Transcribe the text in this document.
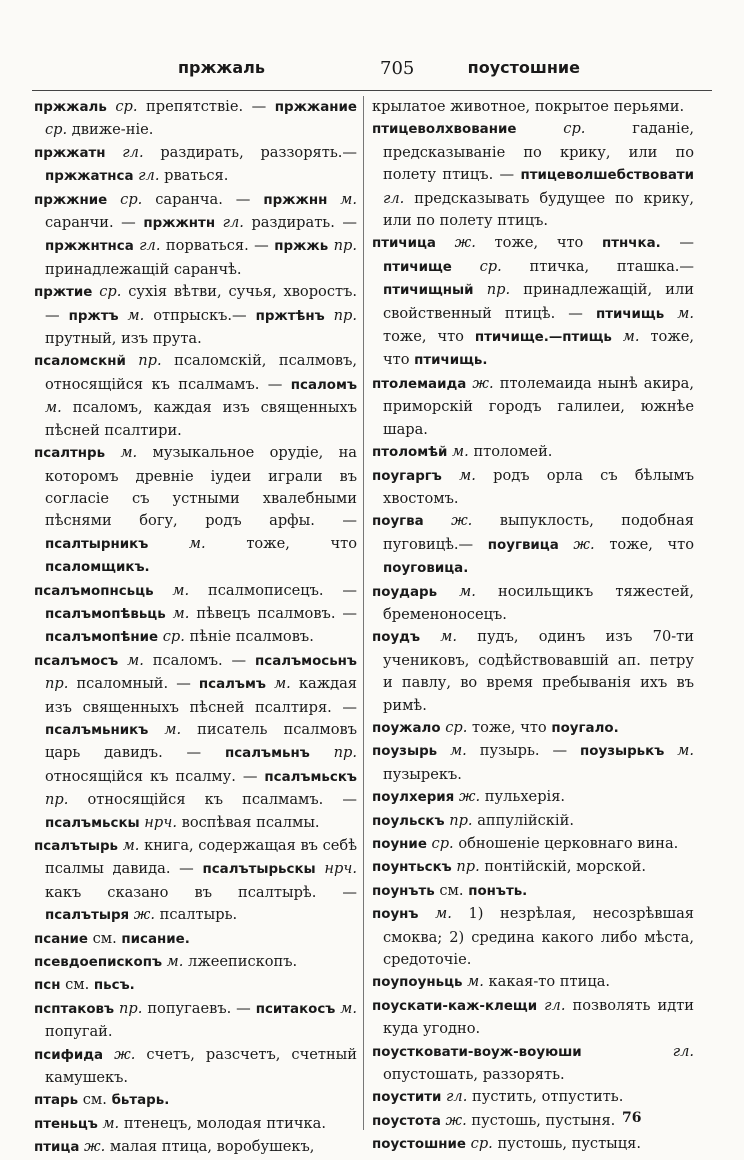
пржжаль	705	поустошние

пржжаль ср. препятствіе. — пржжание ср. движе-ніе.

пржжатн гл. раздирать, раззорять.— пржжатнса гл. рваться.

пржжние ср. саранча. — пржжнн м. саранчи. — пржжнтн гл. раздирать. — пржжнтнса гл. порваться. — пржжь пр. принадлежащій саранчѣ.

пржтие ср. сухія вѣтви, сучья, хворостъ.— пржтъ м. отпрыскъ.— пржтѣнъ пр. прутный, изъ прута.

псаломскнй пр. псаломскій, псалмовъ, относящійся къ псалмамъ. — псаломъ м. псаломъ, каждая изъ священныхъ пѣсней псалтири.

псалтнрь м. музыкальное орудіе, на которомъ древніе іудеи играли въ согласіе съ устными хвалебными пѣснями богу, родъ арфы. — псалтырникъ	м.	тоже, что псаломщикъ.

псалъмопнсьць м. псалмописецъ. — псалъмопѣвьць м. пѣвецъ псалмовъ. — псалъмопѣние ср. пѣніе псалмовъ.

псалъмосъ м. псаломъ. — псалъмосьнъ пр. псаломный. — псалъмъ м. каждая изъ священныхъ пѣсней псалтиря. — псалъмьникъ м. писатель псалмовъ царь давидъ. — псалъмьнъ пр. относящійся къ псалму. — псалъмьскъ пр. относящійся къ псалмамъ. — псалъмьскы нрч. воспѣвая псалмы.

псалътырь м. книга, содержащая въ себѣ псалмы давида. — псалътырьскы нрч. какъ сказано въ псалтырѣ. — псалътыря ж. псалтырь.

псание см. писание.

псевдоепископъ м. лжеепископъ.

псн см. пьсъ.

псптаковъ пр. попугаевъ. — пситакосъ м. попугай.

псифида ж. счетъ, разсчетъ, счетный камушекъ.

птарь см. бьтарь.

птеньцъ м. птенецъ, молодая птичка.

птица ж. малая птица, воробушекъ,

крылатое животное, покрытое перьями.

птицеволхвование	ср.	гаданіе, предсказываніе по крику, или по полету птицъ. — птицеволшебствовати гл. предсказывать будущее по крику, или по полету птицъ.

птичица ж. тоже, что птнчка. — птичище ср. птичка, пташка.— птичищный пр. принадлежащій, или свойственный птицѣ. — птичищь м. тоже, что птичище.—птищь м. тоже, что птичищь.

птолемаида ж. птолемаида нынѣ акира, приморскій городъ галилеи, южнѣе шара.

птоломѣй м. птоломей.

поугаргъ м. родъ орла съ бѣлымъ хвостомъ.

поугва ж. выпуклость, подобная пуговицѣ.— поугвица ж. тоже, что поуговица.

поударь м. носильщикъ тяжестей, бременоносецъ.

поудъ м. пудъ, одинъ изъ 70-ти учениковъ, содѣйствовавшій ап. петру и павлу, во время пребыванія ихъ въ римѣ.

поужало ср. тоже, что поугало.

поузырь м. пузырь. — поузырькъ м. пузырекъ.

поулхерия ж. пульхерія.

поульскъ пр. аппулійскій.

поуние ср. обношеніе церковнаго вина.

поунтьскъ пр. понтійскій, морской.

поунъть см. понъть.

поунъ м. 1) незрѣлая, несозрѣвшая смоква; 2) средина какого либо мѣста, средоточіе.

поупоуньць м. какая-то птица.

поускати-каж-клещи гл. позволять идти куда угодно.

поустковати-воуж-воуюши	гл. опустошать, раззорять.

поустити гл. пустить, отпустить.

поустота ж. пустошь, пустыня.

поустошние ср. пустошь, пустыця.

76
